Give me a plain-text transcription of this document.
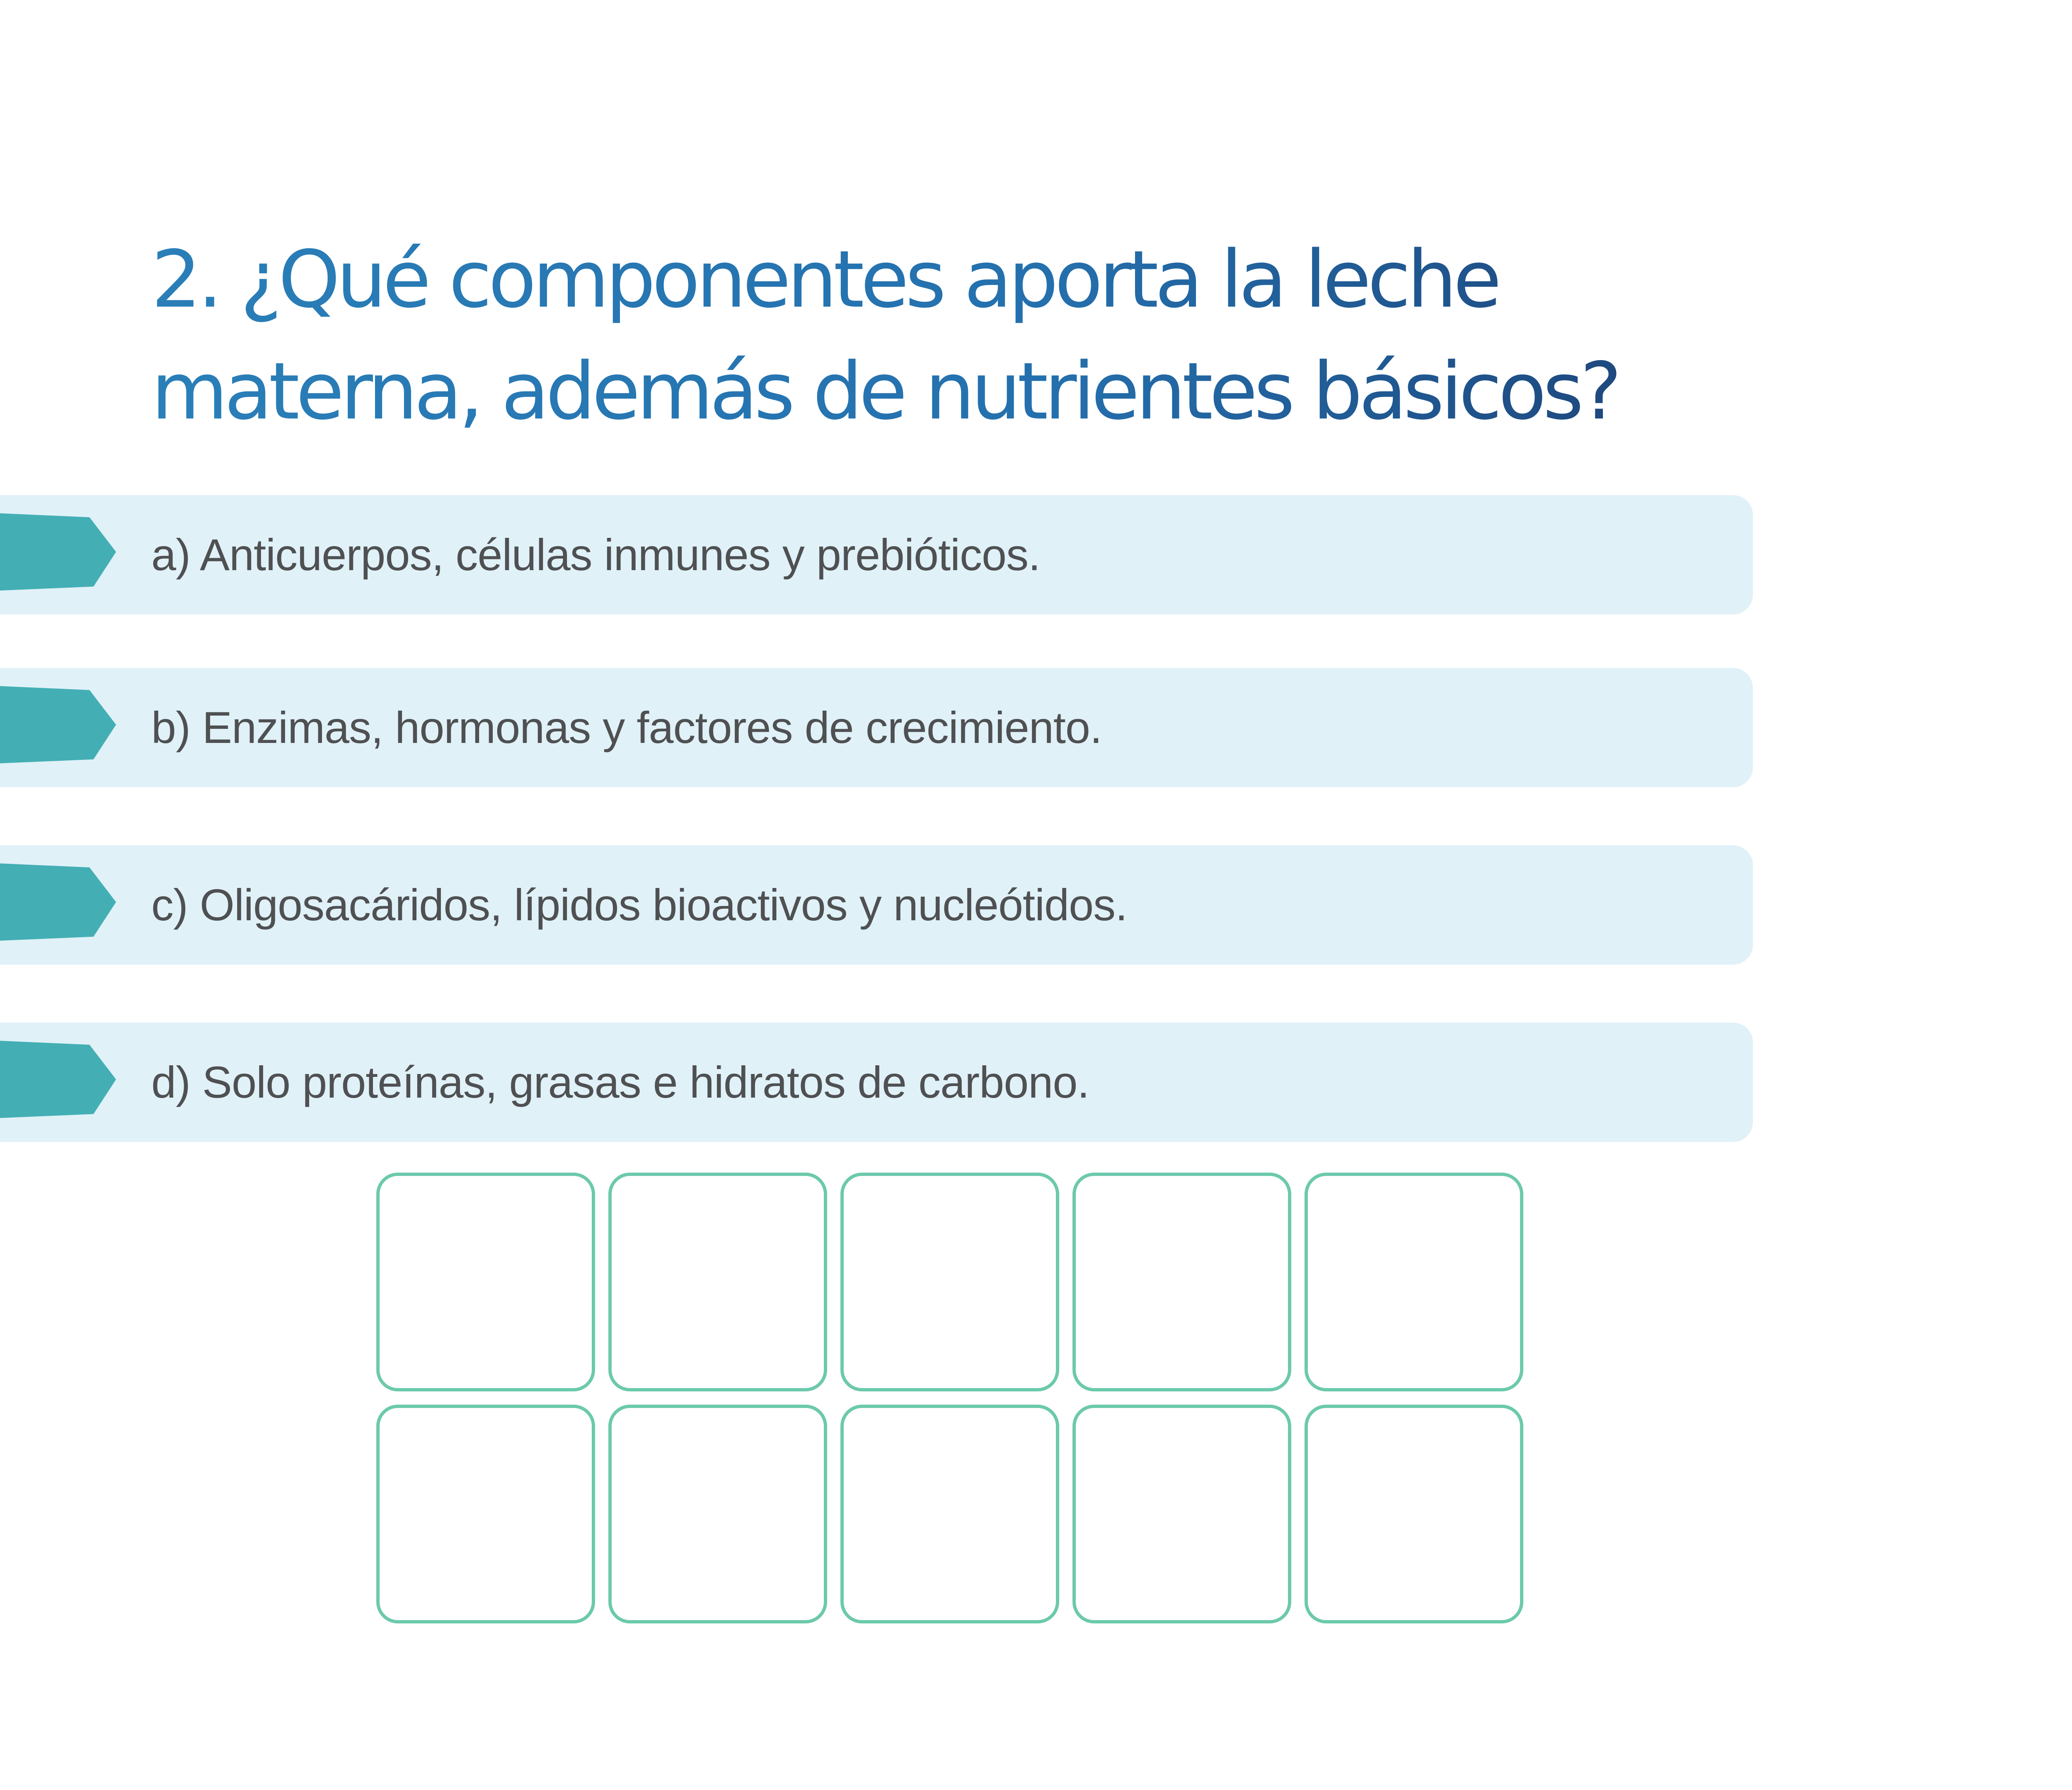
2. ¿Qué componentes aporta la leche
materna, además de nutrientes básicos?
a) Anticuerpos, células inmunes y prebióticos.
b) Enzimas, hormonas y factores de crecimiento.
c) Oligosacáridos, lípidos bioactivos y nucleótidos.
d) Solo proteínas, grasas e hidratos de carbono.
